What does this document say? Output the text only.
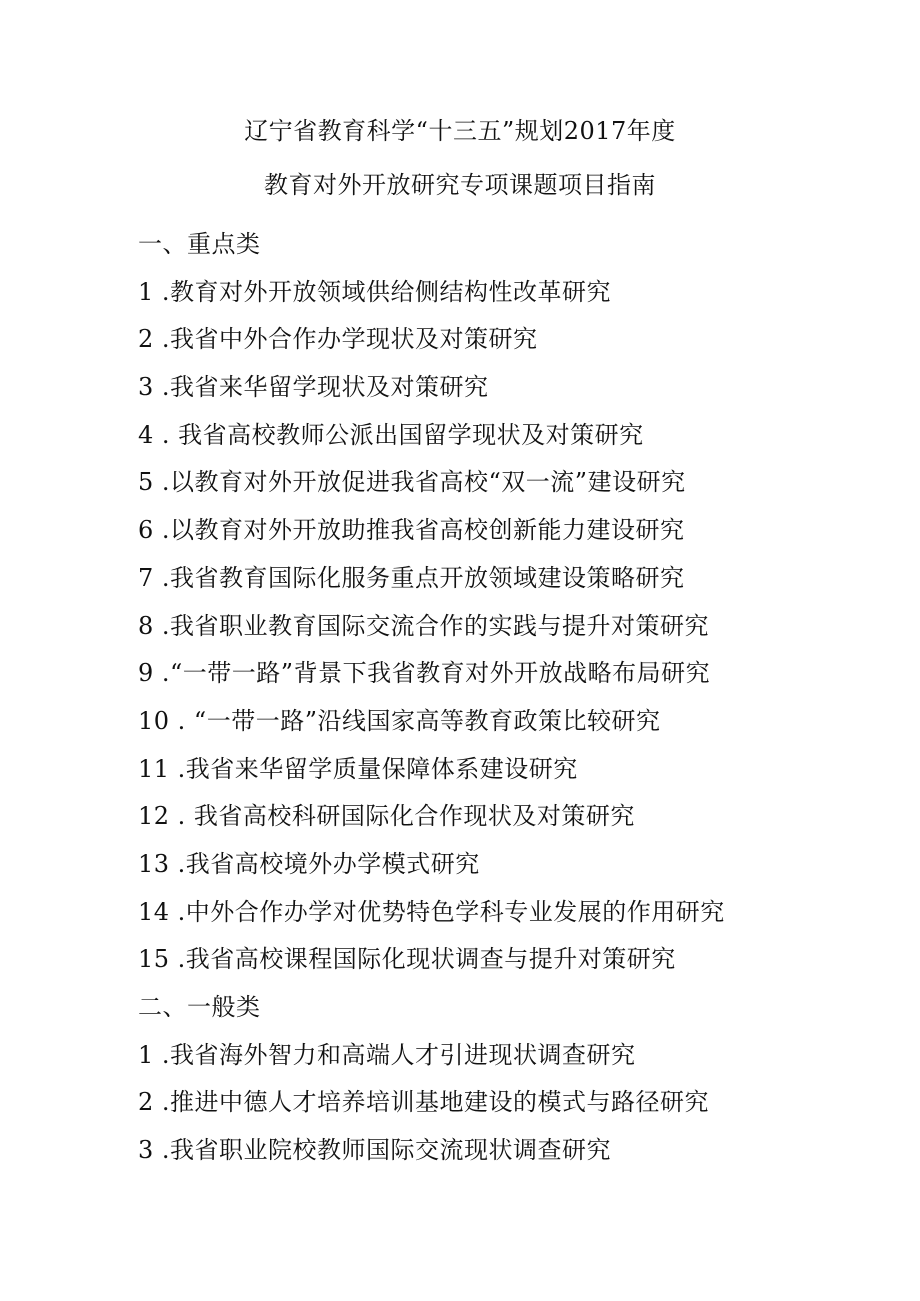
辽宁省教育科学“十三五”规划2017年度
教育对外开放研究专项课题项目指南
一、重点类
1 .教育对外开放领域供给侧结构性改革研究
2 .我省中外合作办学现状及对策研究
3 .我省来华留学现状及对策研究
4 . 我省高校教师公派出国留学现状及对策研究
5 .以教育对外开放促进我省高校“双一流”建设研究
6 .以教育对外开放助推我省高校创新能力建设研究
7 .我省教育国际化服务重点开放领域建设策略研究
8 .我省职业教育国际交流合作的实践与提升对策研究
9 .“一带一路”背景下我省教育对外开放战略布局研究
10 . “一带一路”沿线国家高等教育政策比较研究
11 .我省来华留学质量保障体系建设研究
12 . 我省高校科研国际化合作现状及对策研究
13 .我省高校境外办学模式研究
14 .中外合作办学对优势特色学科专业发展的作用研究
15 .我省高校课程国际化现状调查与提升对策研究
二、一般类
1 .我省海外智力和高端人才引进现状调查研究
2 .推进中德人才培养培训基地建设的模式与路径研究
3 .我省职业院校教师国际交流现状调查研究
